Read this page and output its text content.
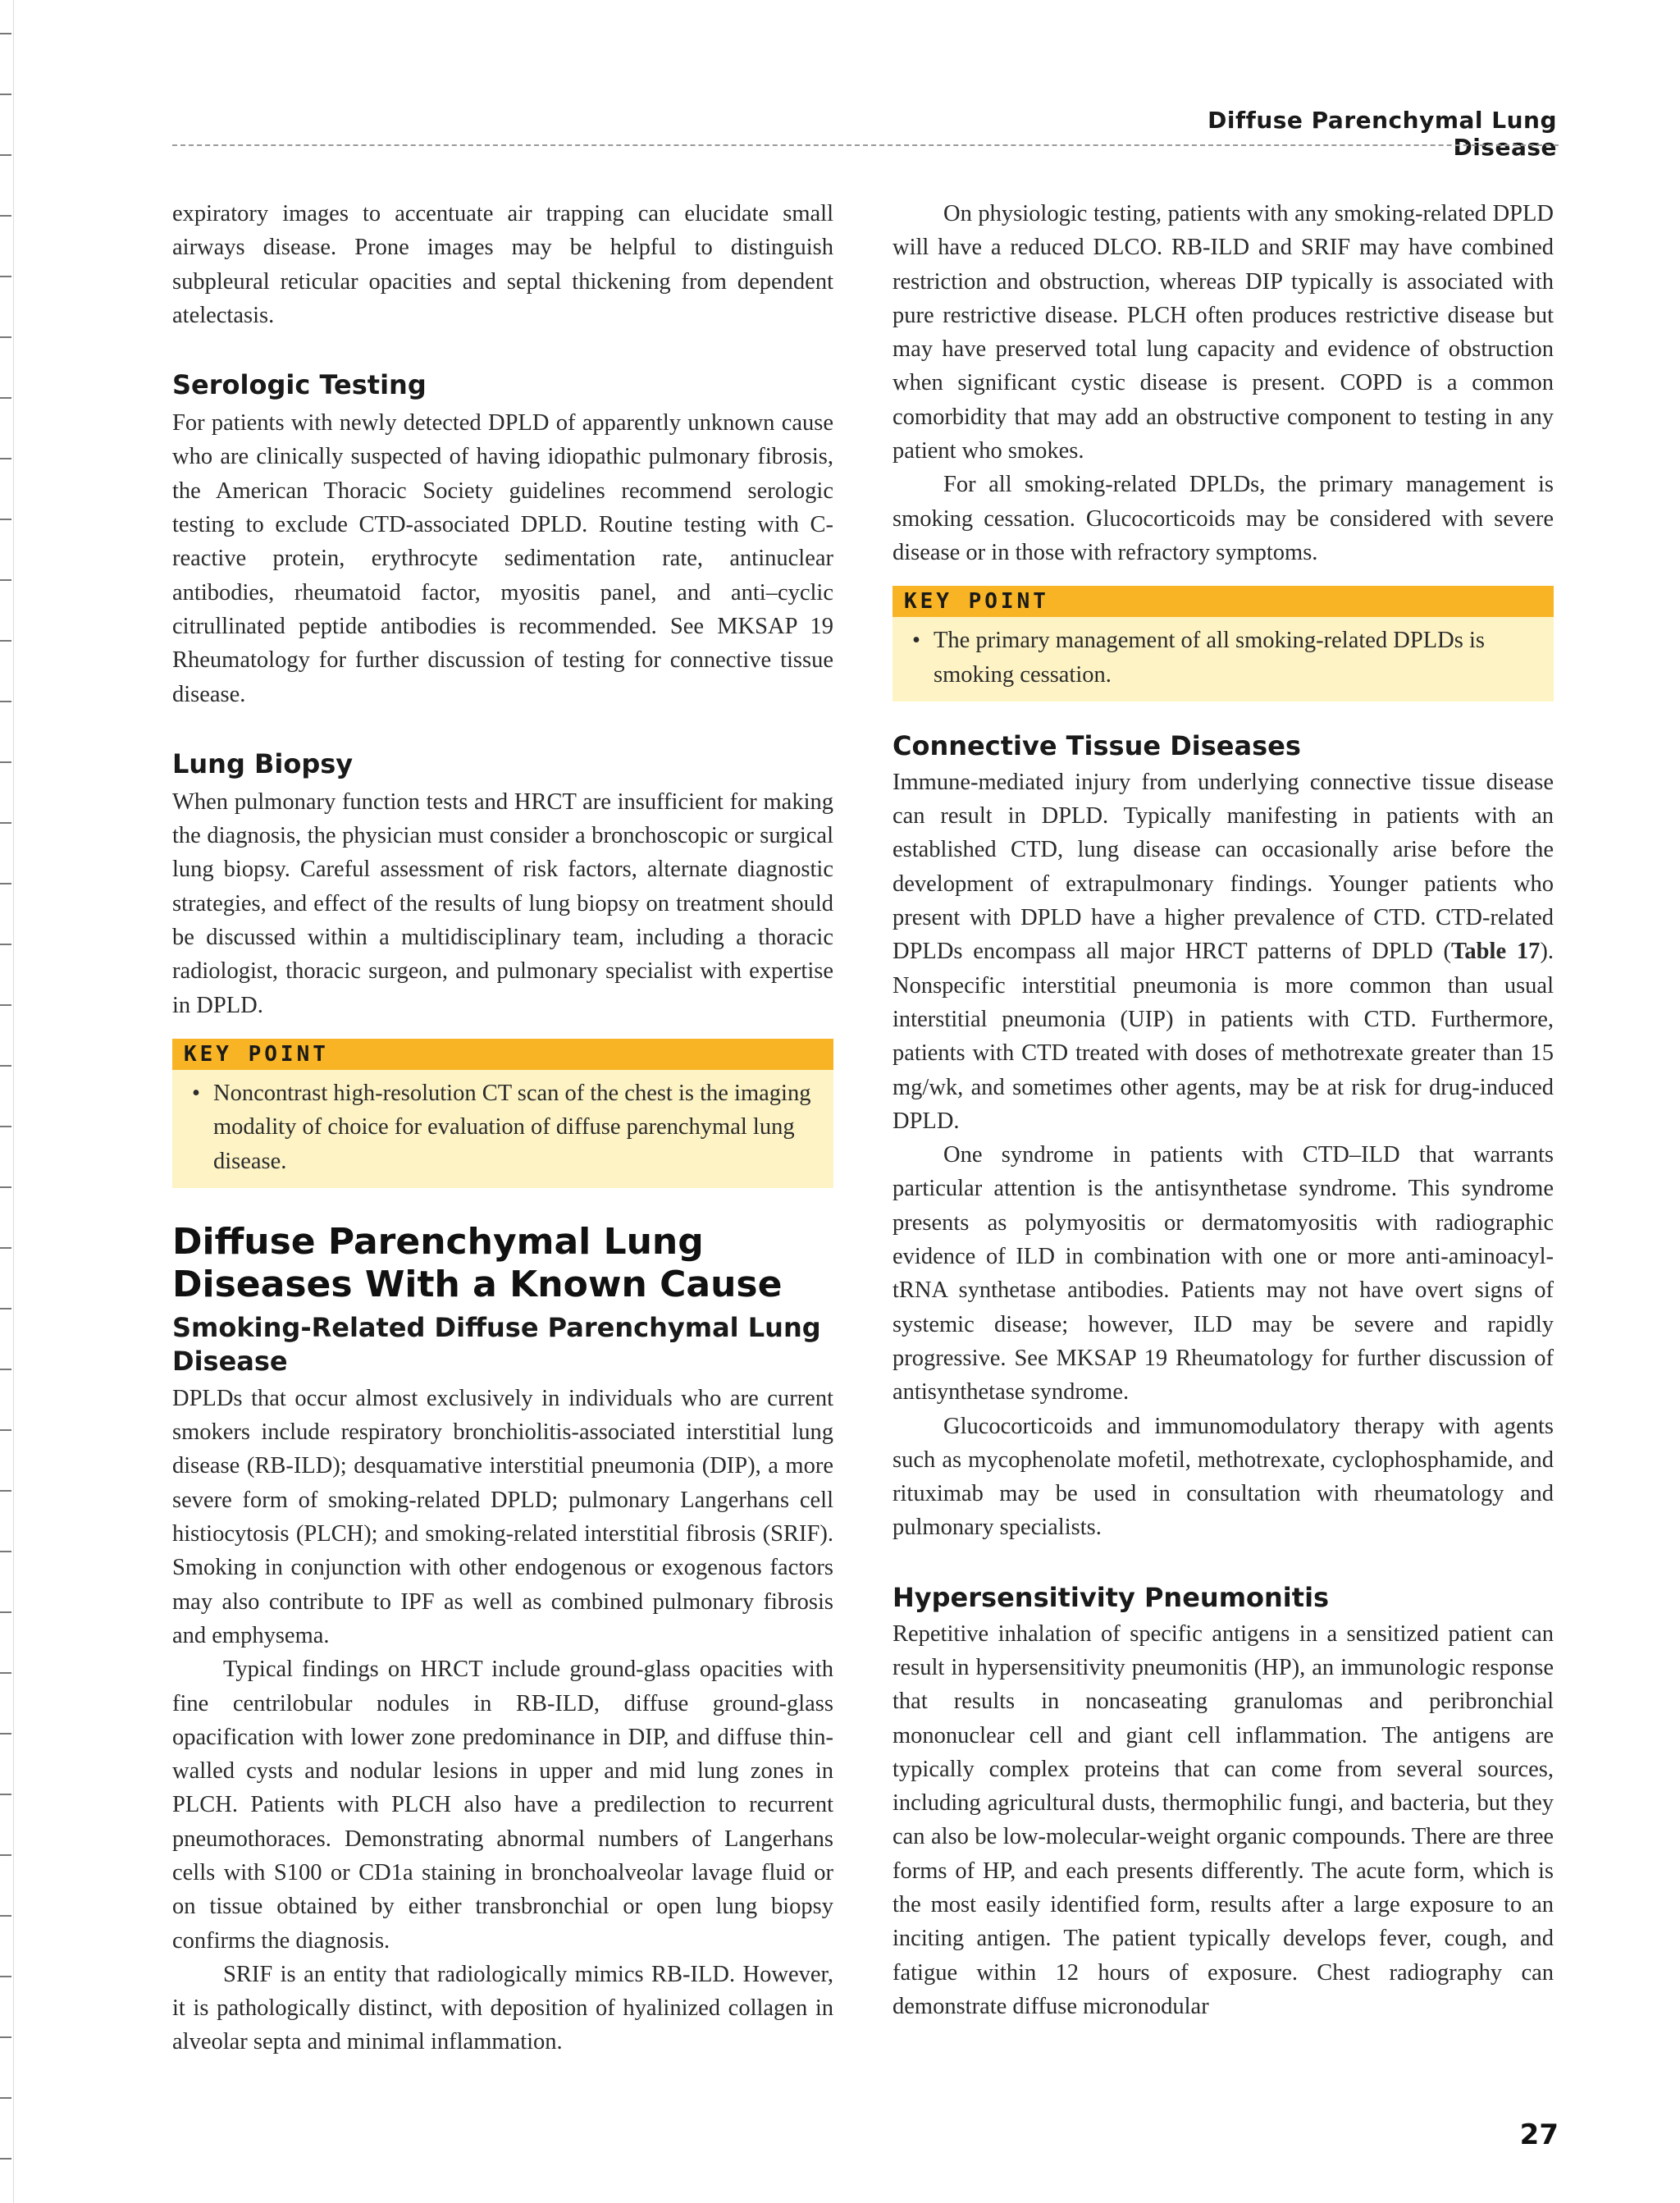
Diffuse Parenchymal Lung Disease

expiratory images to accentuate air trapping can elucidate small airways disease. Prone images may be helpful to distinguish subpleural reticular opacities and septal thickening from dependent atelectasis.

Serologic Testing

For patients with newly detected DPLD of apparently unknown cause who are clinically suspected of having idiopathic pulmonary fibrosis, the American Thoracic Society guidelines recommend serologic testing to exclude CTD-associated DPLD. Routine testing with C-reactive protein, erythrocyte sedimentation rate, antinuclear antibodies, rheumatoid factor, myositis panel, and anti–cyclic citrullinated peptide antibodies is recommended. See MKSAP 19 Rheumatology for further discussion of testing for connective tissue disease.

Lung Biopsy

When pulmonary function tests and HRCT are insufficient for making the diagnosis, the physician must consider a bronchoscopic or surgical lung biopsy. Careful assessment of risk factors, alternate diagnostic strategies, and effect of the results of lung biopsy on treatment should be discussed within a multidisciplinary team, including a thoracic radiologist, thoracic surgeon, and pulmonary specialist with expertise in DPLD.

KEY POINT
• Noncontrast high-resolution CT scan of the chest is the imaging modality of choice for evaluation of diffuse parenchymal lung disease.
Diffuse Parenchymal Lung Diseases With a Known Cause
Smoking-Related Diffuse Parenchymal Lung Disease

DPLDs that occur almost exclusively in individuals who are current smokers include respiratory bronchiolitis-associated interstitial lung disease (RB-ILD); desquamative interstitial pneumonia (DIP), a more severe form of smoking-related DPLD; pulmonary Langerhans cell histiocytosis (PLCH); and smoking-related interstitial fibrosis (SRIF). Smoking in conjunction with other endogenous or exogenous factors may also contribute to IPF as well as combined pulmonary fibrosis and emphysema.

Typical findings on HRCT include ground-glass opacities with fine centrilobular nodules in RB-ILD, diffuse ground-glass opacification with lower zone predominance in DIP, and diffuse thin-walled cysts and nodular lesions in upper and mid lung zones in PLCH. Patients with PLCH also have a predilection to recurrent pneumothoraces. Demonstrating abnormal numbers of Langerhans cells with S100 or CD1a staining in bronchoalveolar lavage fluid or on tissue obtained by either transbronchial or open lung biopsy confirms the diagnosis.

SRIF is an entity that radiologically mimics RB-ILD. However, it is pathologically distinct, with deposition of hyalinized collagen in alveolar septa and minimal inflammation.

On physiologic testing, patients with any smoking-related DPLD will have a reduced DLCO. RB-ILD and SRIF may have combined restriction and obstruction, whereas DIP typically is associated with pure restrictive disease. PLCH often produces restrictive disease but may have preserved total lung capacity and evidence of obstruction when significant cystic disease is present. COPD is a common comorbidity that may add an obstructive component to testing in any patient who smokes.

For all smoking-related DPLDs, the primary management is smoking cessation. Glucocorticoids may be considered with severe disease or in those with refractory symptoms.

KEY POINT
• The primary management of all smoking-related DPLDs is smoking cessation.
Connective Tissue Diseases

Immune-mediated injury from underlying connective tissue disease can result in DPLD. Typically manifesting in patients with an established CTD, lung disease can occasionally arise before the development of extrapulmonary findings. Younger patients who present with DPLD have a higher prevalence of CTD. CTD-related DPLDs encompass all major HRCT patterns of DPLD (Table 17). Nonspecific interstitial pneumonia is more common than usual interstitial pneumonia (UIP) in patients with CTD. Furthermore, patients with CTD treated with doses of methotrexate greater than 15 mg/wk, and sometimes other agents, may be at risk for drug-induced DPLD.

One syndrome in patients with CTD–ILD that warrants particular attention is the antisynthetase syndrome. This syndrome presents as polymyositis or dermatomyositis with radiographic evidence of ILD in combination with one or more anti-aminoacyl-tRNA synthetase antibodies. Patients may not have overt signs of systemic disease; however, ILD may be severe and rapidly progressive. See MKSAP 19 Rheumatology for further discussion of antisynthetase syndrome.

Glucocorticoids and immunomodulatory therapy with agents such as mycophenolate mofetil, methotrexate, cyclophosphamide, and rituximab may be used in consultation with rheumatology and pulmonary specialists.

Hypersensitivity Pneumonitis

Repetitive inhalation of specific antigens in a sensitized patient can result in hypersensitivity pneumonitis (HP), an immunologic response that results in noncaseating granulomas and peribronchial mononuclear cell and giant cell inflammation. The antigens are typically complex proteins that can come from several sources, including agricultural dusts, thermophilic fungi, and bacteria, but they can also be low-molecular-weight organic compounds. There are three forms of HP, and each presents differently. The acute form, which is the most easily identified form, results after a large exposure to an inciting antigen. The patient typically develops fever, cough, and fatigue within 12 hours of exposure. Chest radiography can demonstrate diffuse micronodular

27
